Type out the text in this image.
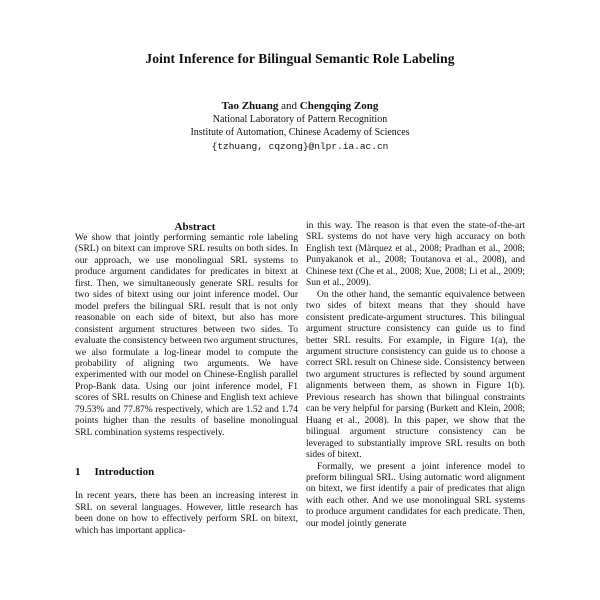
Joint Inference for Bilingual Semantic Role Labeling
Tao Zhuang and Chengqing Zong
National Laboratory of Pattern Recognition
Institute of Automation, Chinese Academy of Sciences
{tzhuang, cqzong}@nlpr.ia.ac.cn
Abstract

We show that jointly performing semantic role labeling (SRL) on bitext can improve SRL results on both sides. In our approach, we use monolingual SRL systems to produce argument candidates for predicates in bitext at first. Then, we simultaneously generate SRL results for two sides of bitext using our joint inference model. Our model prefers the bilingual SRL result that is not only reasonable on each side of bitext, but also has more consistent argument structures between two sides. To evaluate the consistency between two argument structures, we also formulate a log-linear model to compute the probability of aligning two arguments. We have experimented with our model on Chinese-English parallel Prop-Bank data. Using our joint inference model, F1 scores of SRL results on Chinese and English text achieve 79.53% and 77.87% respectively, which are 1.52 and 1.74 points higher than the results of baseline monolingual SRL combination systems respectively.

1 Introduction

In recent years, there has been an increasing interest in SRL on several languages. However, little research has been done on how to effectively perform SRL on bitext, which has important applica-

in this way. The reason is that even the state-of-the-art SRL systems do not have very high accuracy on both English text (Màrquez et al., 2008; Pradhan et al., 2008; Punyakanok et al., 2008; Toutanova et al., 2008), and Chinese text (Che et al., 2008; Xue, 2008; Li et al., 2009; Sun et al., 2009).

On the other hand, the semantic equivalence between two sides of bitext means that they should have consistent predicate-argument structures. This bilingual argument structure consistency can guide us to find better SRL results. For example, in Figure 1(a), the argument structure consistency can guide us to choose a correct SRL result on Chinese side. Consistency between two argument structures is reflected by sound argument alignments between them, as shown in Figure 1(b). Previous research has shown that bilingual constraints can be very helpful for parsing (Burkett and Klein, 2008; Huang et al., 2008). In this paper, we show that the bilingual argument structure consistency can be leveraged to substantially improve SRL results on both sides of bitext.

Formally, we present a joint inference model to preform bilingual SRL. Using automatic word alignment on bitext, we first identify a pair of predicates that align with each other. And we use monolingual SRL systems to produce argument candidates for each predicate. Then, our model jointly generate
